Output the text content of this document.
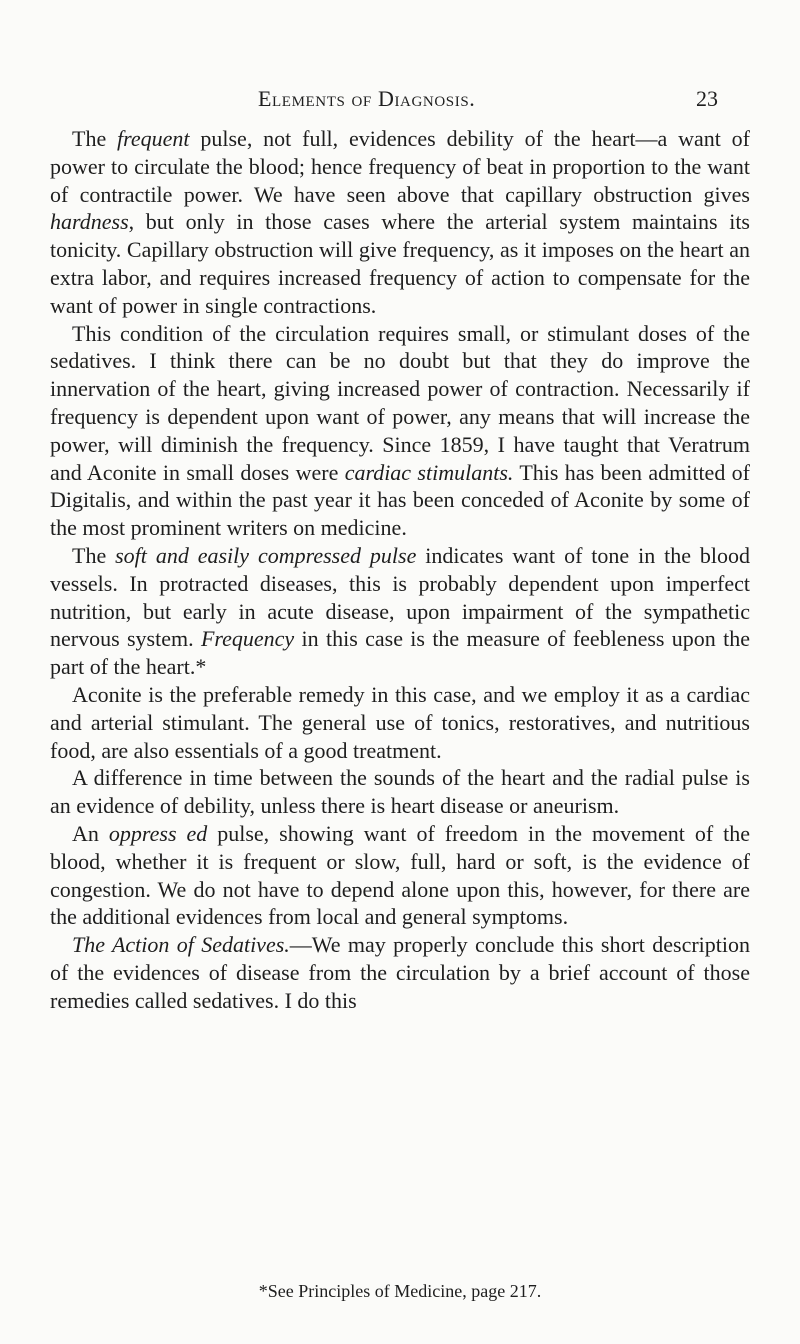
Elements of Diagnosis.	23

The frequent pulse, not full, evidences debility of the heart—a want of power to circulate the blood; hence frequency of beat in proportion to the want of contractile power. We have seen above that capillary obstruction gives hardness, but only in those cases where the arterial system maintains its tonicity. Capillary obstruction will give frequency, as it imposes on the heart an extra labor, and requires increased frequency of action to compensate for the want of power in single contractions.

This condition of the circulation requires small, or stimulant doses of the sedatives. I think there can be no doubt but that they do improve the innervation of the heart, giving increased power of contraction. Necessarily if frequency is dependent upon want of power, any means that will increase the power, will diminish the frequency. Since 1859, I have taught that Veratrum and Aconite in small doses were cardiac stimulants. This has been admitted of Digitalis, and within the past year it has been conceded of Aconite by some of the most prominent writers on medicine.

The soft and easily compressed pulse indicates want of tone in the blood vessels. In protracted diseases, this is probably dependent upon imperfect nutrition, but early in acute disease, upon impairment of the sympathetic nervous system. Frequency in this case is the measure of feebleness upon the part of the heart.*

Aconite is the preferable remedy in this case, and we employ it as a cardiac and arterial stimulant. The general use of tonics, restoratives, and nutritious food, are also essentials of a good treatment.

A difference in time between the sounds of the heart and the radial pulse is an evidence of debility, unless there is heart disease or aneurism.

An oppress ed pulse, showing want of freedom in the movement of the blood, whether it is frequent or slow, full, hard or soft, is the evidence of congestion. We do not have to depend alone upon this, however, for there are the additional evidences from local and general symptoms.

The Action of Sedatives.—We may properly conclude this short description of the evidences of disease from the circulation by a brief account of those remedies called sedatives. I do this

*See Principles of Medicine, page 217.
